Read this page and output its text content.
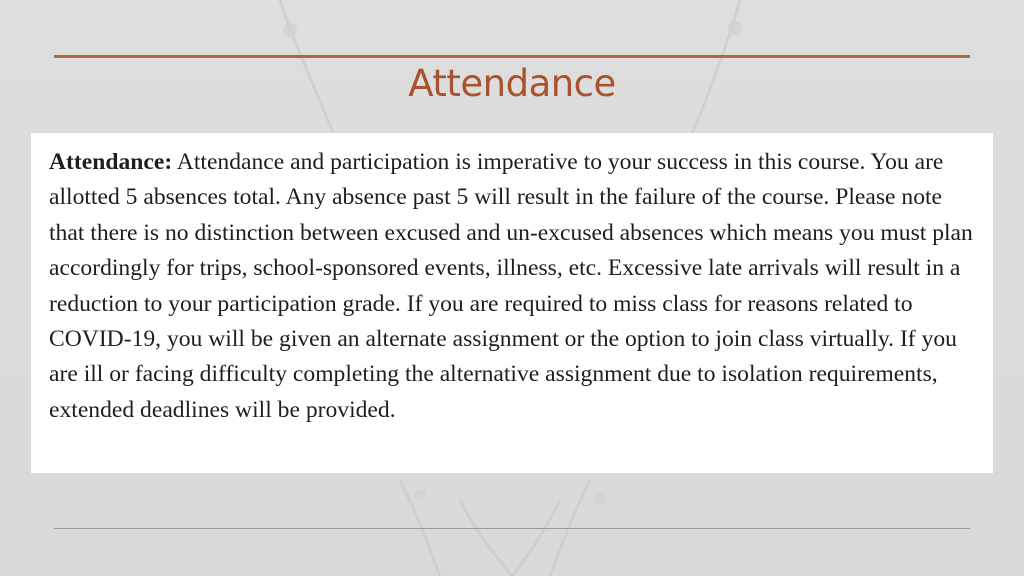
Attendance

Attendance: Attendance and participation is imperative to your success in this course. You are allotted 5 absences total. Any absence past 5 will result in the failure of the course. Please note that there is no distinction between excused and un-excused absences which means you must plan accordingly for trips, school-sponsored events, illness, etc. Excessive late arrivals will result in a reduction to your participation grade. If you are required to miss class for reasons related to COVID-19, you will be given an alternate assignment or the option to join class virtually. If you are ill or facing difficulty completing the alternative assignment due to isolation requirements, extended deadlines will be provided.
